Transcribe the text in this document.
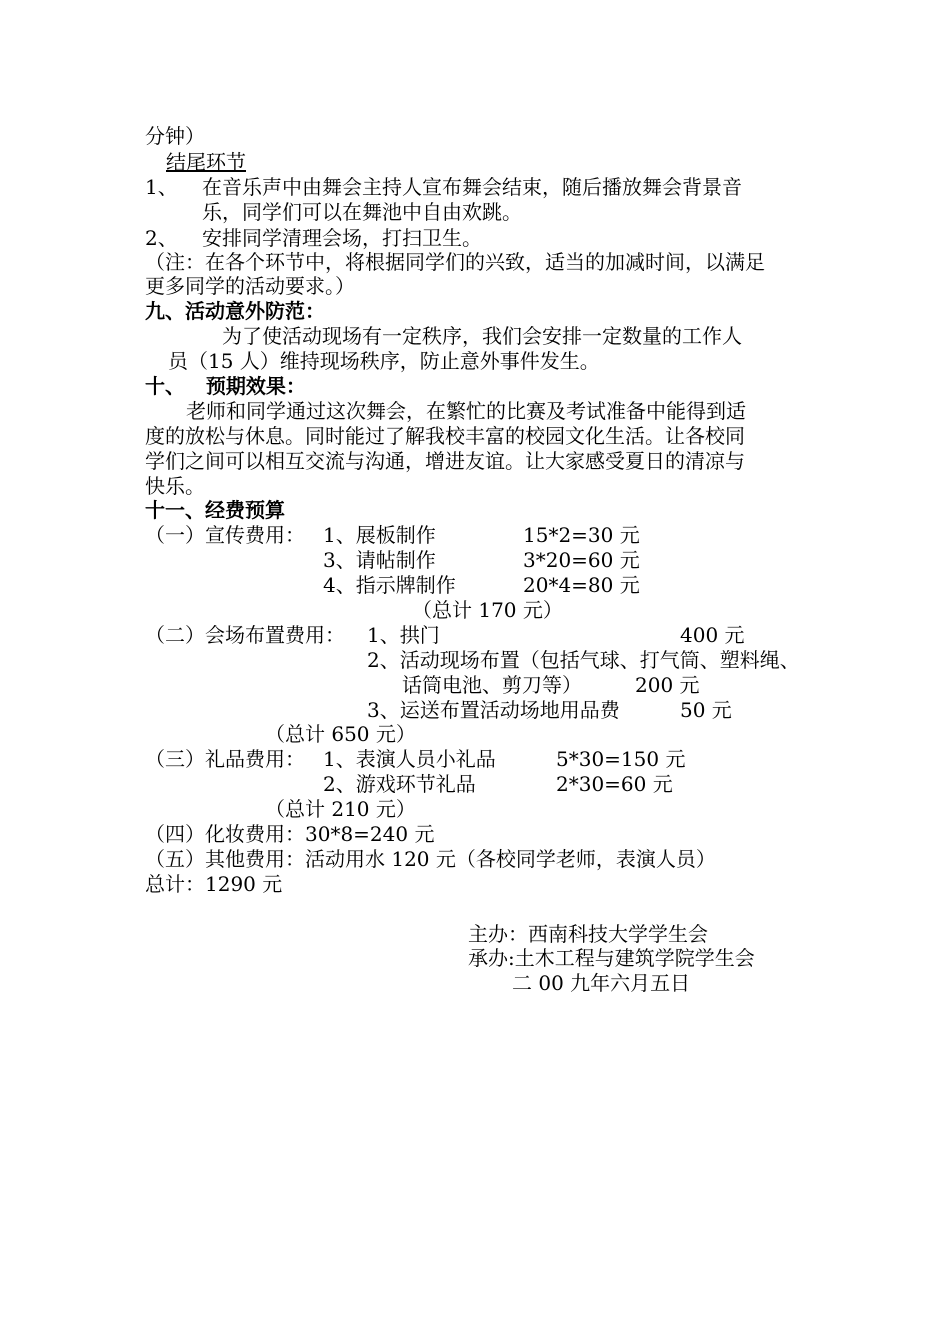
分钟）
结尾环节
1、 在音乐声中由舞会主持人宣布舞会结束，随后播放舞会背景音
乐，同学们可以在舞池中自由欢跳。
2、 安排同学清理会场，打扫卫生。
（注：在各个环节中，将根据同学们的兴致，适当的加减时间，以满足
更多同学的活动要求。）
九、活动意外防范：
为了使活动现场有一定秩序，我们会安排一定数量的工作人
员（15 人）维持现场秩序，防止意外事件发生。
十、   预期效果：
老师和同学通过这次舞会，在繁忙的比赛及考试准备中能得到适
度的放松与休息。同时能过了解我校丰富的校园文化生活。让各校同
学们之间可以相互交流与沟通，增进友谊。让大家感受夏日的清凉与
快乐。
十一、经费预算
（一）宣传费用： 1、展板制作	15*2=30 元
3、请帖制作	3*20=60 元
4、指示牌制作	20*4=80 元
（总计 170 元）
（二）会场布置费用： 1、拱门	400 元
2、活动现场布置（包括气球、打气筒、塑料绳、
话筒电池、剪刀等）	200 元
3、运送布置活动场地用品费	50 元
（总计 650 元）
（三）礼品费用： 1、表演人员小礼品	5*30=150 元
2、游戏环节礼品	2*30=60 元
（总计 210 元）
（四）化妆费用：30*8=240 元
（五）其他费用：活动用水 120 元（各校同学老师，表演人员）
总计：1290 元
主办：西南科技大学学生会
承办:土木工程与建筑学院学生会
二 00 九年六月五日
